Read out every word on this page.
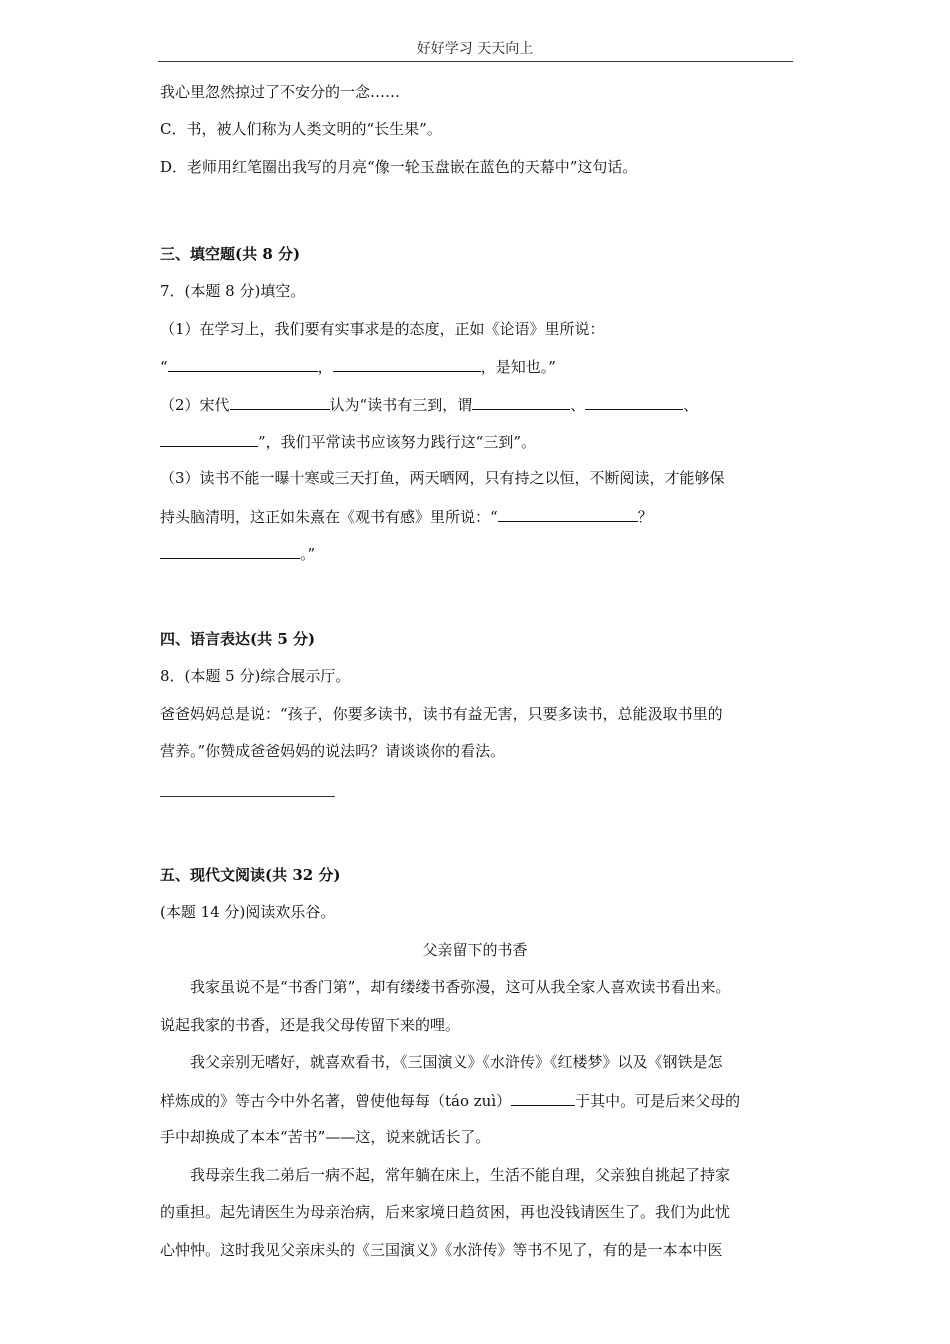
好好学习 天天向上
我心里忽然掠过了不安分的一念……
C．书，被人们称为人类文明的“长生果”。
D．老师用红笔圈出我写的月亮“像一轮玉盘嵌在蓝色的天幕中”这句话。
三、填空题(共 8 分)
7．(本题 8 分)填空。
（1）在学习上，我们要有实事求是的态度，正如《论语》里所说：
“	，	，是知也。”
（2）宋代	认为“读书有三到，谓	、	、
”，我们平常读书应该努力践行这“三到”。
（3）读书不能一曝十寒或三天打鱼，两天晒网，只有持之以恒，不断阅读，才能够保
持头脑清明，这正如朱熹在《观书有感》里所说：“	？
。”
四、语言表达(共 5 分)
8．(本题 5 分)综合展示厅。
爸爸妈妈总是说：“孩子，你要多读书，读书有益无害，只要多读书，总能汲取书里的
营养。”你赞成爸爸妈妈的说法吗？请谈谈你的看法。
五、现代文阅读(共 32 分)
(本题 14 分)阅读欢乐谷。
父亲留下的书香
我家虽说不是“书香门第”，却有缕缕书香弥漫，这可从我全家人喜欢读书看出来。
说起我家的书香，还是我父母传留下来的哩。
我父亲别无嗜好，就喜欢看书，《三国演义》《水浒传》《红楼梦》以及《钢铁是怎
样炼成的》等古今中外名著，曾使他每每（táo zuì）	于其中。可是后来父母的
手中却换成了本本“苦书”——这，说来就话长了。
我母亲生我二弟后一病不起，常年躺在床上，生活不能自理，父亲独自挑起了持家
的重担。起先请医生为母亲治病，后来家境日趋贫困，再也没钱请医生了。我们为此忧
心忡忡。这时我见父亲床头的《三国演义》《水浒传》等书不见了，有的是一本本中医
